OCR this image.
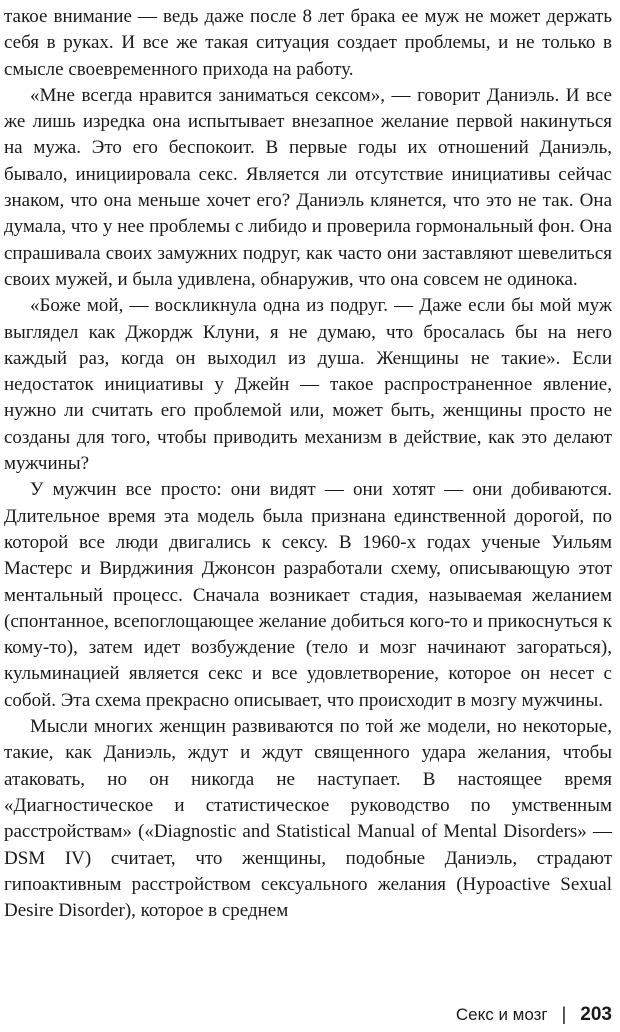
такое внимание — ведь даже после 8 лет брака ее муж не может держать себя в руках. И все же такая ситуация создает проблемы, и не только в смысле своевременного прихода на работу.

«Мне всегда нравится заниматься сексом», — говорит Даниэль. И все же лишь изредка она испытывает внезапное желание первой накинуться на мужа. Это его беспокоит. В первые годы их отношений Даниэль, бывало, инициировала секс. Является ли отсутствие инициативы сейчас знаком, что она меньше хочет его? Даниэль клянется, что это не так. Она думала, что у нее проблемы с либидо и проверила гормональный фон. Она спрашивала своих замужних подруг, как часто они заставляют шевелиться своих мужей, и была удивлена, обнаружив, что она совсем не одинока.

«Боже мой, — воскликнула одна из подруг. — Даже если бы мой муж выглядел как Джордж Клуни, я не думаю, что бросалась бы на него каждый раз, когда он выходил из душа. Женщины не такие». Если недостаток инициативы у Джейн — такое распространенное явление, нужно ли считать его проблемой или, может быть, женщины просто не созданы для того, чтобы приводить механизм в действие, как это делают мужчины?

У мужчин все просто: они видят — они хотят — они добиваются. Длительное время эта модель была признана единственной дорогой, по которой все люди двигались к сексу. В 1960-х годах ученые Уильям Мастерс и Вирджиния Джонсон разработали схему, описывающую этот ментальный процесс. Сначала возникает стадия, называемая желанием (спонтанное, всепоглощающее желание добиться кого-то и прикоснуться к кому-то), затем идет возбуждение (тело и мозг начинают загораться), кульминацией является секс и все удовлетворение, которое он несет с собой. Эта схема прекрасно описывает, что происходит в мозгу мужчины.

Мысли многих женщин развиваются по той же модели, но некоторые, такие, как Даниэль, ждут и ждут священного удара желания, чтобы атаковать, но он никогда не наступает. В настоящее время «Диагностическое и статистическое руководство по умственным расстройствам» («Diagnostic and Statistical Manual of Mental Disorders» — DSM IV) считает, что женщины, подобные Даниэль, страдают гипоактивным расстройством сексуального желания (Hypoactive Sexual Desire Disorder), которое в среднем

Секс и мозг | 203
